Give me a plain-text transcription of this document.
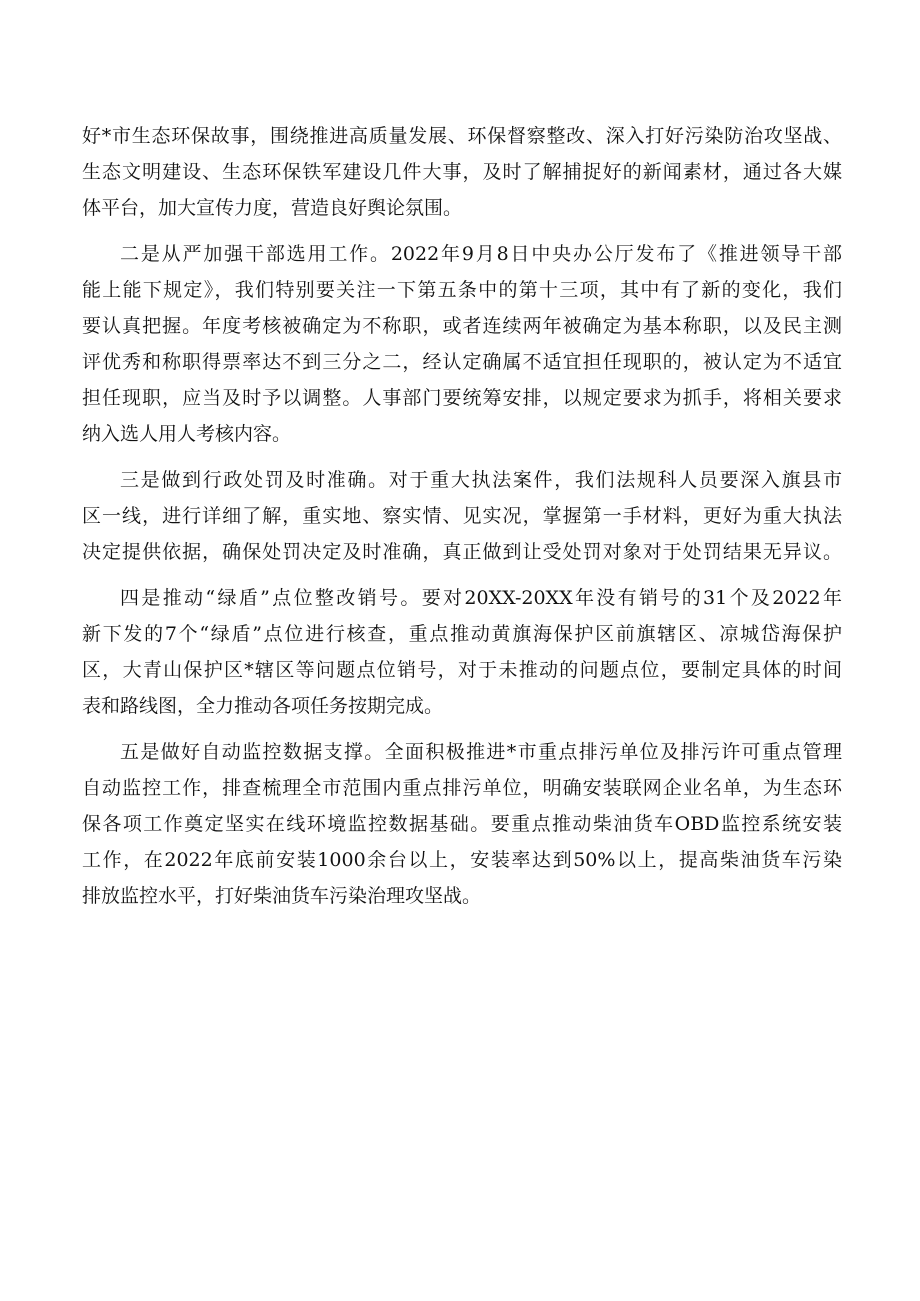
好*市生态环保故事，围绕推进高质量发展、环保督察整改、深入打好污染防治攻坚战、
生态文明建设、生态环保铁军建设几件大事，及时了解捕捉好的新闻素材，通过各大媒
体平台，加大宣传力度，营造良好舆论氛围。
二是从严加强干部选用工作。2022年9月8日中央办公厅发布了《推进领导干部
能上能下规定》，我们特别要关注一下第五条中的第十三项，其中有了新的变化，我们
要认真把握。年度考核被确定为不称职，或者连续两年被确定为基本称职，以及民主测
评优秀和称职得票率达不到三分之二，经认定确属不适宜担任现职的，被认定为不适宜
担任现职，应当及时予以调整。人事部门要统筹安排，以规定要求为抓手，将相关要求
纳入选人用人考核内容。
三是做到行政处罚及时准确。对于重大执法案件，我们法规科人员要深入旗县市
区一线，进行详细了解，重实地、察实情、见实况，掌握第一手材料，更好为重大执法
决定提供依据，确保处罚决定及时准确，真正做到让受处罚对象对于处罚结果无异议。
四是推动“绿盾”点位整改销号。要对20XX-20XX年没有销号的31个及2022年
新下发的7个“绿盾”点位进行核查，重点推动黄旗海保护区前旗辖区、凉城岱海保护
区，大青山保护区*辖区等问题点位销号，对于未推动的问题点位，要制定具体的时间
表和路线图，全力推动各项任务按期完成。
五是做好自动监控数据支撑。全面积极推进*市重点排污单位及排污许可重点管理
自动监控工作，排查梳理全市范围内重点排污单位，明确安装联网企业名单，为生态环
保各项工作奠定坚实在线环境监控数据基础。要重点推动柴油货车OBD监控系统安装
工作，在2022年底前安装1000余台以上，安装率达到50%以上，提高柴油货车污染
排放监控水平，打好柴油货车污染治理攻坚战。
